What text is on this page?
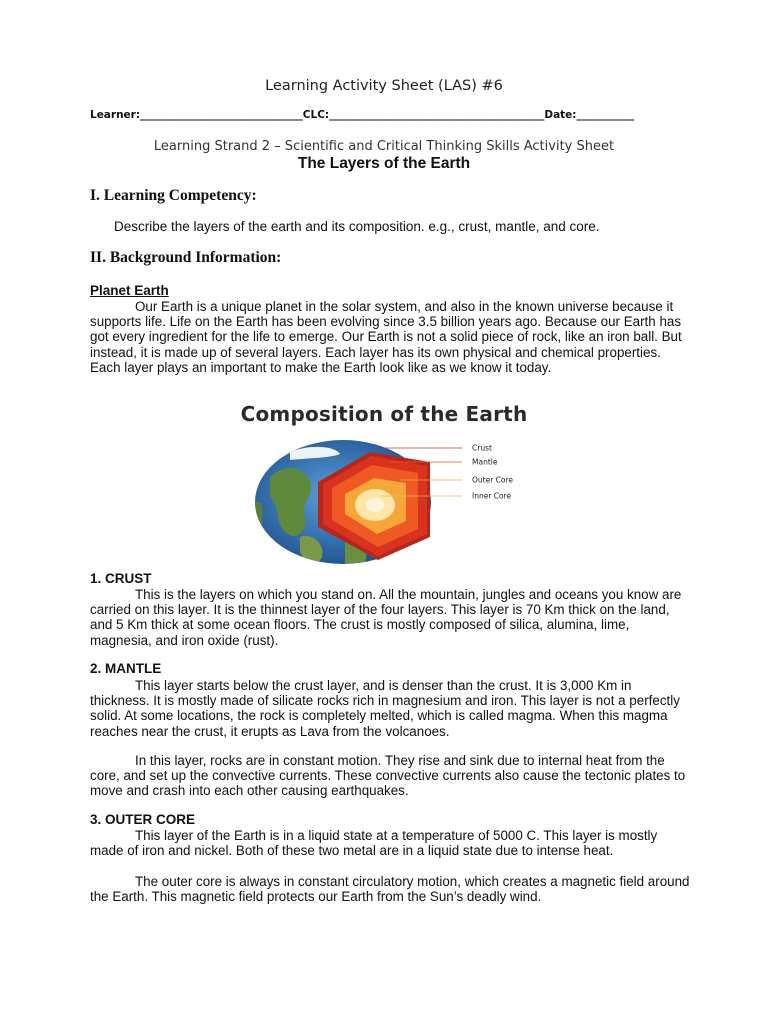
Learning Activity Sheet (LAS) #6
Learner:_______________________________CLC:_________________________________________Date:___________
Learning Strand 2 – Scientific and Critical Thinking Skills Activity Sheet
The Layers of the Earth
I. Learning Competency:
Describe the layers of the earth and its composition. e.g., crust, mantle, and core.
II. Background Information:
Planet Earth

Our Earth is a unique planet in the solar system, and also in the known universe because it supports life. Life on the Earth has been evolving since 3.5 billion years ago. Because our Earth has got every ingredient for the life to emerge. Our Earth is not a solid piece of rock, like an iron ball. But instead, it is made up of several layers. Each layer has its own physical and chemical properties. Each layer plays an important to make the Earth look like as we know it today.

Composition of the Earth
Crust
Mantle
Outer Core
Inner Core
1. CRUST

This is the layers on which you stand on. All the mountain, jungles and oceans you know are carried on this layer. It is the thinnest layer of the four layers. This layer is 70 Km thick on the land, and 5 Km thick at some ocean floors. The crust is mostly composed of silica, alumina, lime, magnesia, and iron oxide (rust).

2. MANTLE

This layer starts below the crust layer, and is denser than the crust. It is 3,000 Km in thickness. It is mostly made of silicate rocks rich in magnesium and iron. This layer is not a perfectly solid. At some locations, the rock is completely melted, which is called magma. When this magma reaches near the crust, it erupts as Lava from the volcanoes.

In this layer, rocks are in constant motion. They rise and sink due to internal heat from the core, and set up the convective currents. These convective currents also cause the tectonic plates to move and crash into each other causing earthquakes.

3. OUTER CORE

This layer of the Earth is in a liquid state at a temperature of 5000 C. This layer is mostly made of iron and nickel. Both of these two metal are in a liquid state due to intense heat.

The outer core is always in constant circulatory motion, which creates a magnetic field around the Earth. This magnetic field protects our Earth from the Sun’s deadly wind.
